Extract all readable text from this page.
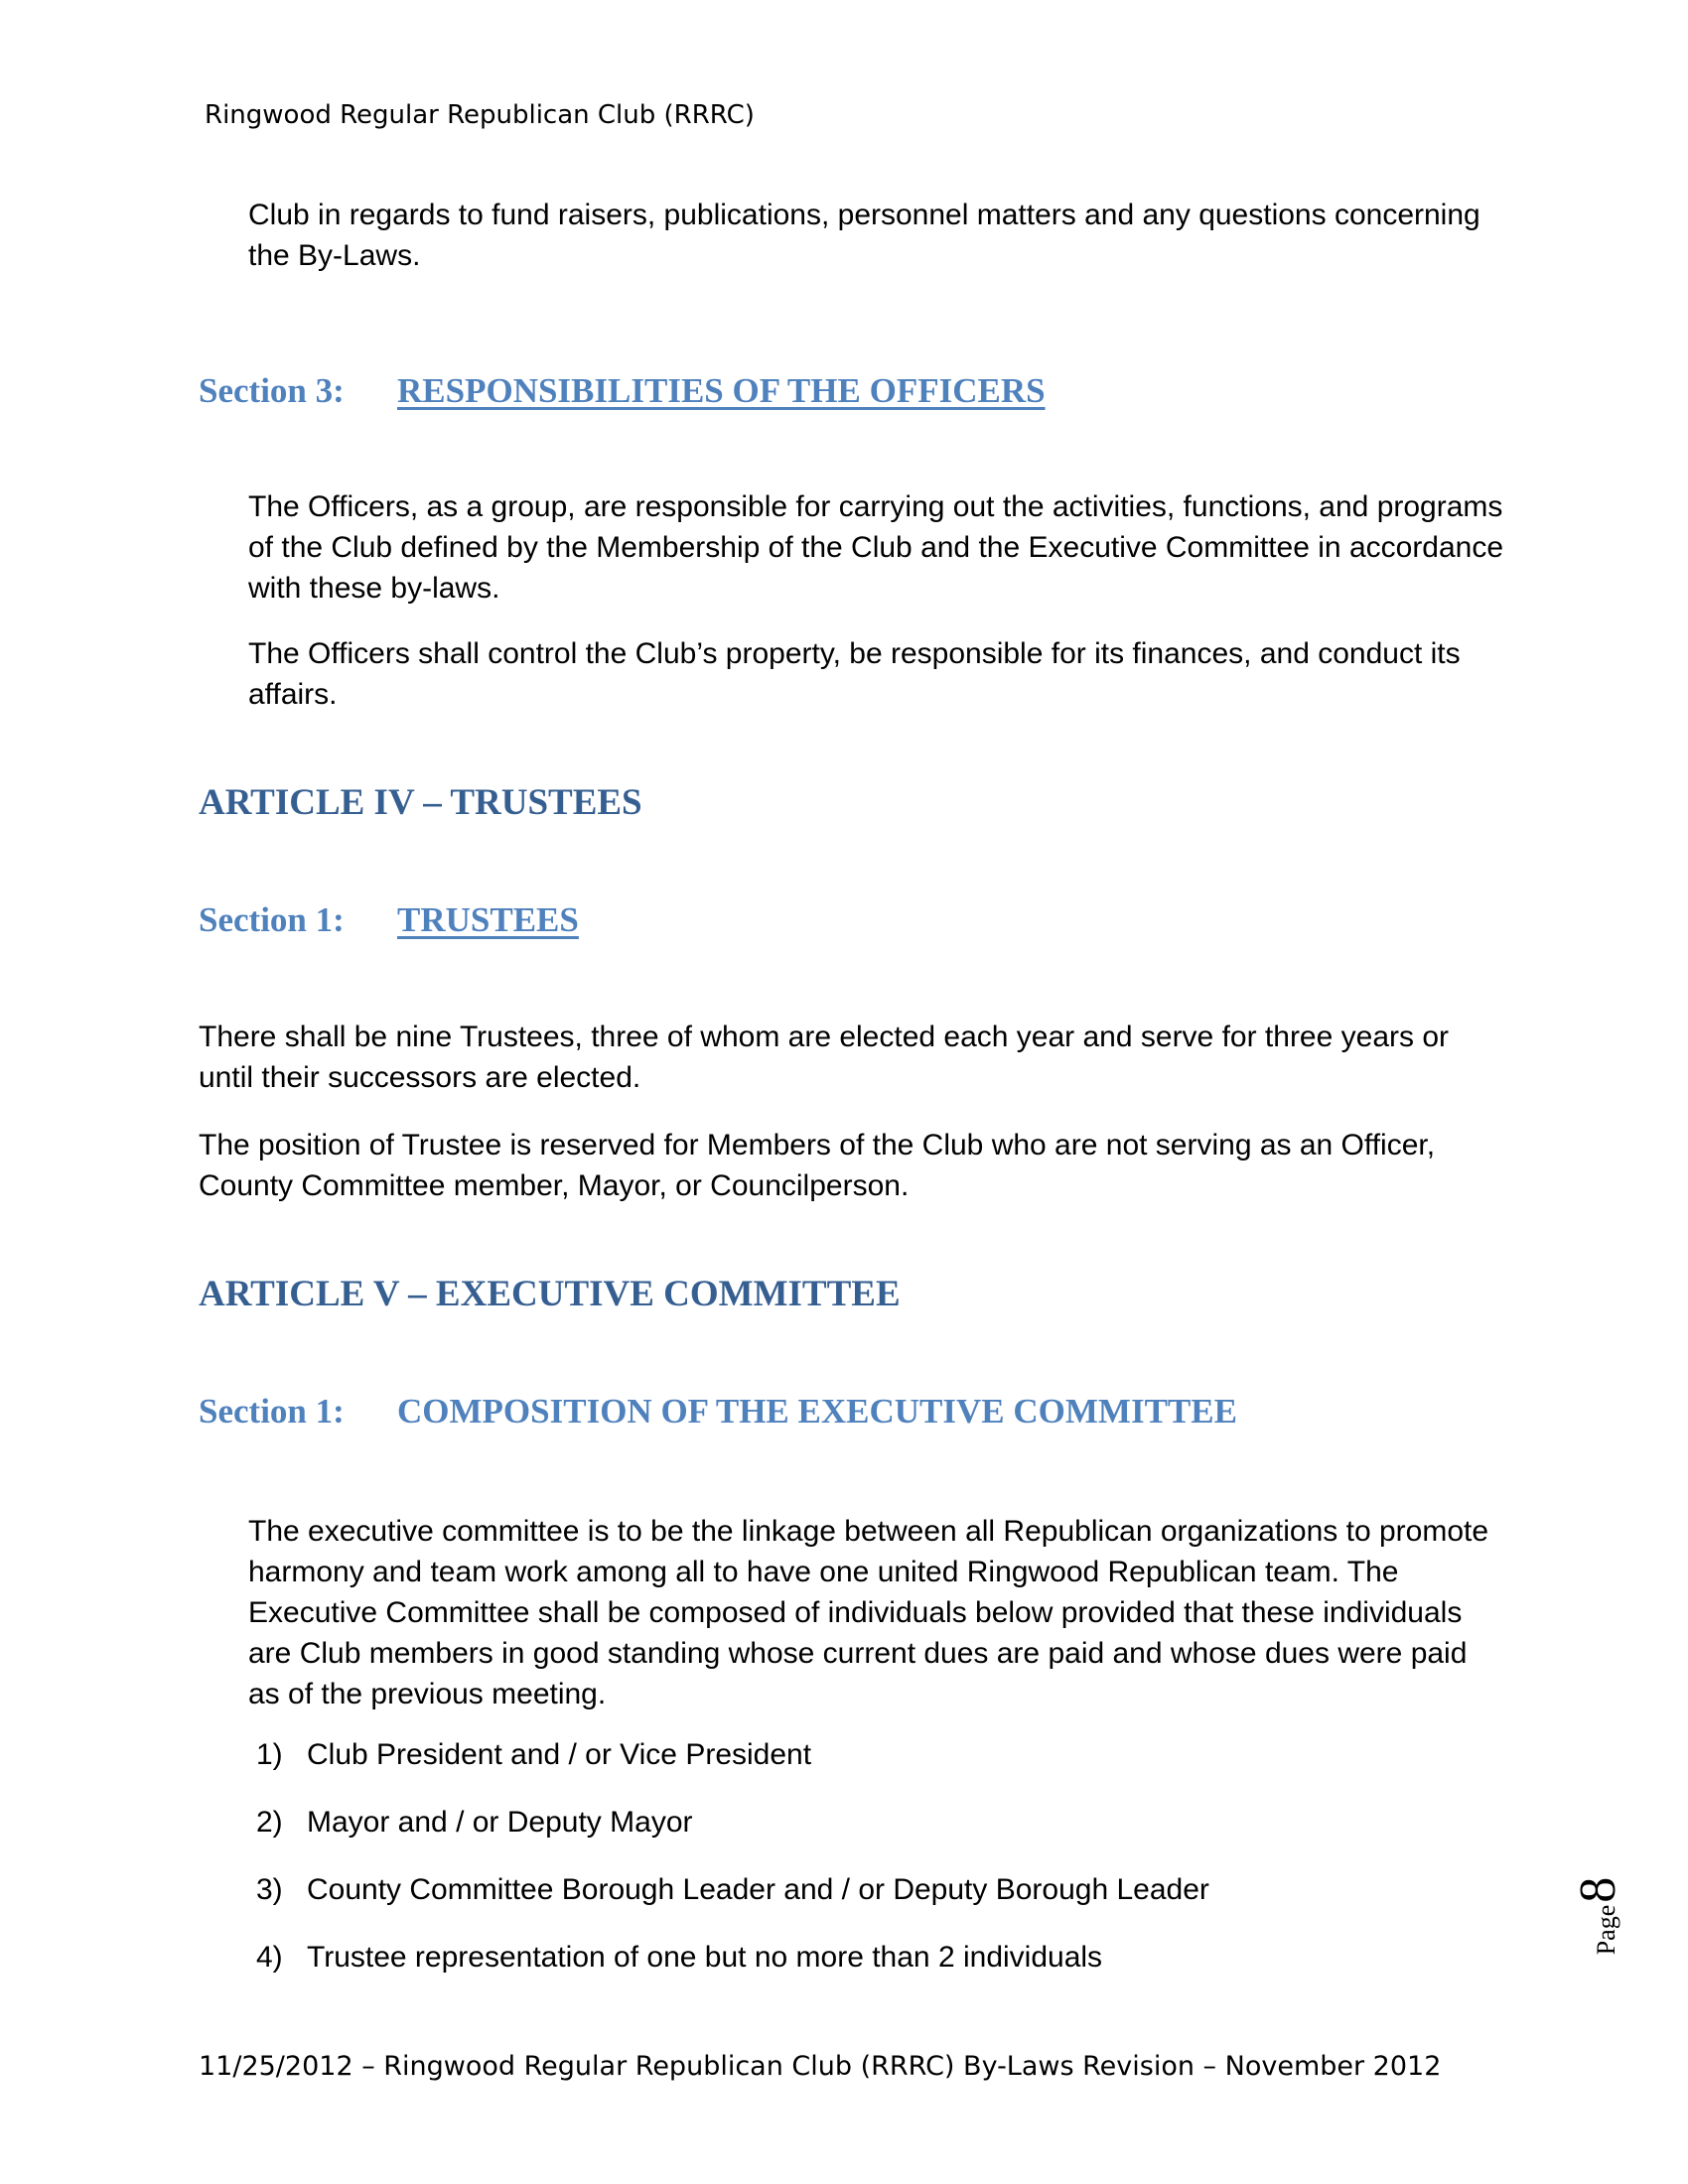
Ringwood Regular Republican Club (RRRC)
Club in regards to fund raisers, publications, personnel matters and any questions concerning the By-Laws.
Section 3: RESPONSIBILITIES OF THE OFFICERS
The Officers, as a group, are responsible for carrying out the activities, functions, and programs of the Club defined by the Membership of the Club and the Executive Committee in accordance with these by-laws.
The Officers shall control the Club’s property, be responsible for its finances, and conduct its affairs.
ARTICLE IV – TRUSTEES
Section 1: TRUSTEES
There shall be nine Trustees, three of whom are elected each year and serve for three years or until their successors are elected.
The position of Trustee is reserved for Members of the Club who are not serving as an Officer, County Committee member, Mayor, or Councilperson.
ARTICLE V – EXECUTIVE COMMITTEE
Section 1: COMPOSITION OF THE EXECUTIVE COMMITTEE
The executive committee is to be the linkage between all Republican organizations to promote harmony and team work among all to have one united Ringwood Republican team. The Executive Committee shall be composed of individuals below provided that these individuals are Club members in good standing whose current dues are paid and whose dues were paid as of the previous meeting.
1) Club President and / or Vice President
2) Mayor and / or Deputy Mayor
3) County Committee Borough Leader and / or Deputy Borough Leader
4) Trustee representation of one but no more than 2 individuals
Page
8
11/25/2012 – Ringwood Regular Republican Club (RRRC) By-Laws Revision – November 2012
